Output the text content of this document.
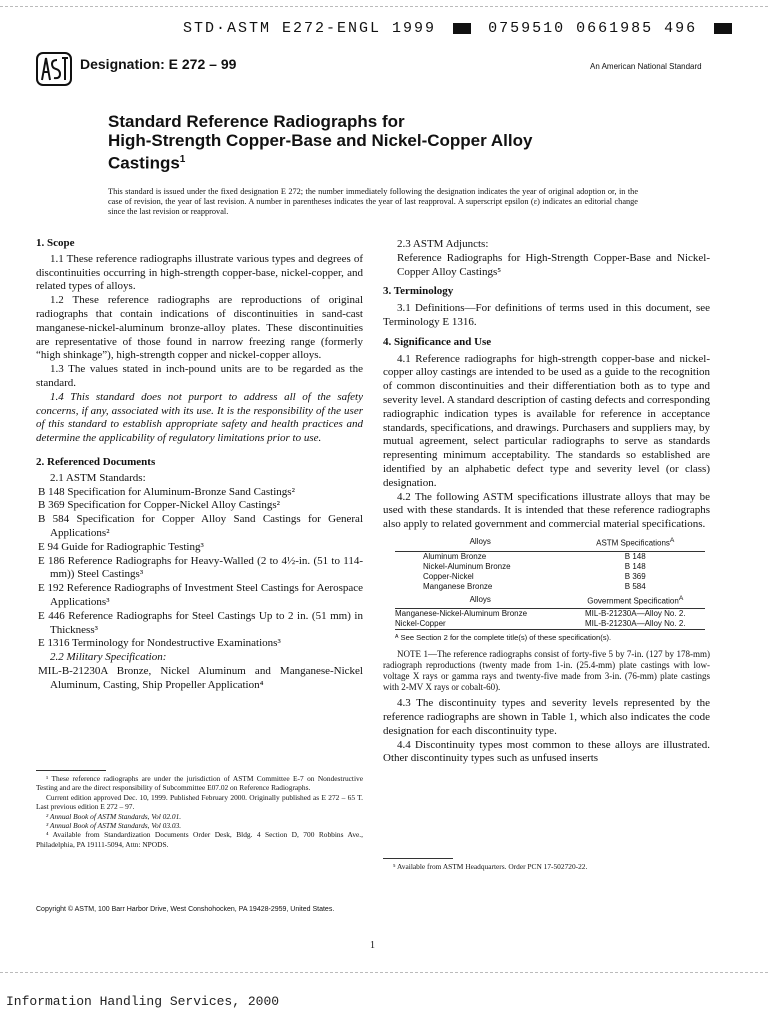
STD·ASTM E272-ENGL 1999	0759510 0661985 496
Designation: E 272 – 99	An American National Standard
Standard Reference Radiographs for
High-Strength Copper-Base and Nickel-Copper Alloy
Castings$^1$
This standard is issued under the fixed designation E 272; the number immediately following the designation indicates the year of original adoption or, in the case of revision, the year of last revision. A number in parentheses indicates the year of last reapproval. A superscript epsilon (ε) indicates an editorial change since the last revision or reapproval.

1. Scope

1.1 These reference radiographs illustrate various types and degrees of discontinuities occurring in high-strength copper-base, nickel-copper, and related types of alloys.

1.2 These reference radiographs are reproductions of original radiographs that contain indications of discontinuities in sand-cast manganese-nickel-aluminum bronze-alloy plates. These discontinuities are representative of those found in narrow freezing range (formerly “high shinkage”), high-strength copper and nickel-copper alloys.

1.3 The values stated in inch-pound units are to be regarded as the standard.

1.4 This standard does not purport to address all of the safety concerns, if any, associated with its use. It is the responsibility of the user of this standard to establish appropriate safety and health practices and determine the applicability of regulatory limitations prior to use.

2. Referenced Documents

2.1 ASTM Standards:

B 148 Specification for Aluminum-Bronze Sand Castings²

B 369 Specification for Copper-Nickel Alloy Castings²

B 584 Specification for Copper Alloy Sand Castings for General Applications²

E 94 Guide for Radiographic Testing³

E 186 Reference Radiographs for Heavy-Walled (2 to 4½-in. (51 to 114-mm)) Steel Castings³

E 192 Reference Radiographs of Investment Steel Castings for Aerospace Applications³

E 446 Reference Radiographs for Steel Castings Up to 2 in. (51 mm) in Thickness³

E 1316 Terminology for Nondestructive Examinations³

2.2 Military Specification:

MIL-B-21230A Bronze, Nickel Aluminum and Manganese-Nickel Aluminum, Casting, Ship Propeller Application⁴

¹ These reference radiographs are under the jurisdiction of ASTM Committee E-7 on Nondestructive Testing and are the direct responsibility of Subcommittee E07.02 on Reference Radiographs.

Current edition approved Dec. 10, 1999. Published February 2000. Originally published as E 272 – 65 T. Last previous edition E 272 – 97.

² Annual Book of ASTM Standards, Vol 02.01.

³ Annual Book of ASTM Standards, Vol 03.03.

⁴ Available from Standardization Documents Order Desk, Bldg. 4 Section D, 700 Robbins Ave., Philadelphia, PA 19111-5094, Attn: NPODS.

2.3 ASTM Adjuncts:

Reference Radiographs for High-Strength Copper-Base and Nickel-Copper Alloy Castings⁵

3. Terminology

3.1 Definitions—For definitions of terms used in this document, see Terminology E 1316.

4. Significance and Use

4.1 Reference radiographs for high-strength copper-base and nickel-copper alloy castings are intended to be used as a guide to the recognition of common discontinuities and their differentiation both as to type and severity level. A standard description of casting defects and corresponding radiographic indication types is available for reference in acceptance standards, specifications, and drawings. Purchasers and suppliers may, by mutual agreement, select particular radiographs to serve as standards representing minimum acceptability. The standards so established are identified by an alphabetic defect type and severity level (or class) designation.

4.2 The following ASTM specifications illustrate alloys that may be used with these standards. It is intended that these reference radiographs also apply to related government and commercial material specifications.

Alloys	ASTM Specifications$^A$

Aluminum Bronze	B 148
Nickel-Aluminum Bronze	B 148
Copper-Nickel	B 369
Manganese Bronze	B 584
Alloys	Government Specification$^A$

Manganese-Nickel-Aluminum Bronze	MIL-B-21230A—Alloy No. 2.
Nickel-Copper	MIL-B-21230A—Alloy No. 2.
ᴬ See Section 2 for the complete title(s) of these specification(s).

NOTE 1—The reference radiographs consist of forty-five 5 by 7-in. (127 by 178-mm) radiograph reproductions (twenty made from 1-in. (25.4-mm) plate castings with low-voltage X rays or gamma rays and twenty-five made from 3-in. (76-mm) plate castings with 2-MV X rays or cobalt-60).

4.3 The discontinuity types and severity levels represented by the reference radiographs are shown in Table 1, which also indicates the code designation for each discontinuity type.

4.4 Discontinuity types most common to these alloys are illustrated. Other discontinuity types such as unfused inserts

⁵ Available from ASTM Headquarters. Order PCN 17-502720-22.

Copyright © ASTM, 100 Barr Harbor Drive, West Conshohocken, PA 19428-2959, United States.
1
Information Handling Services, 2000
